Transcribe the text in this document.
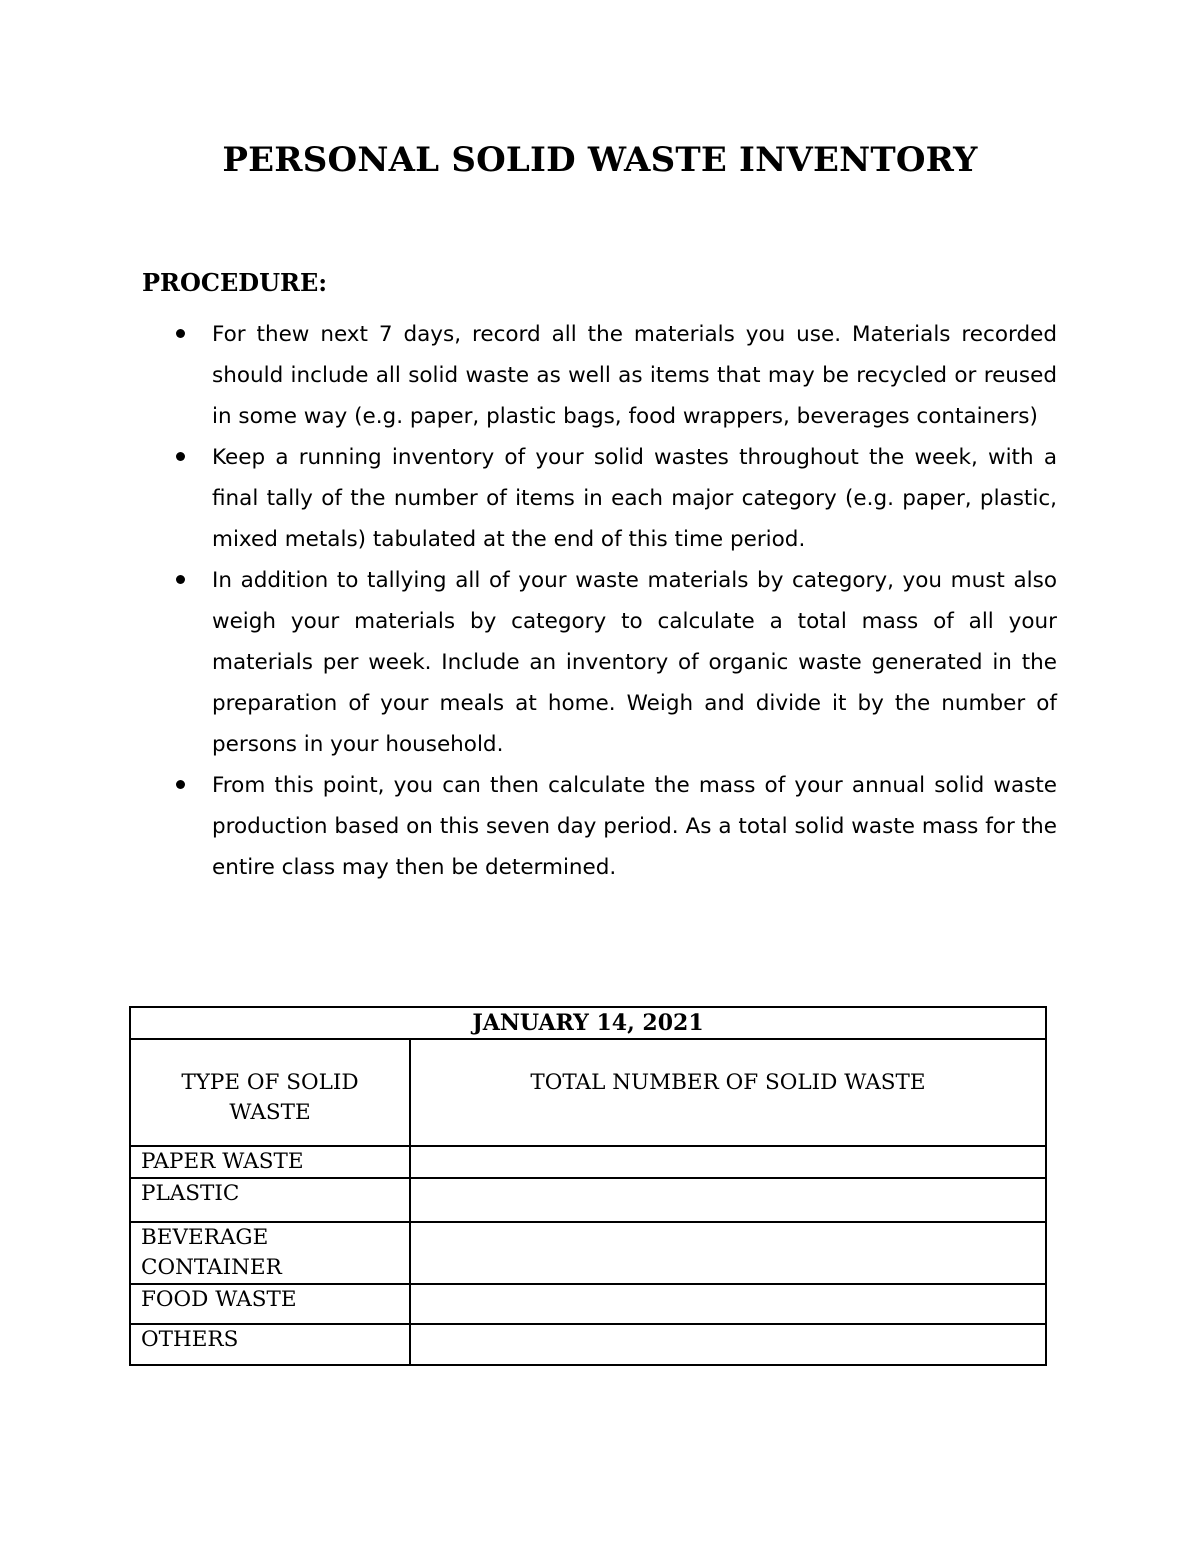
PERSONAL SOLID WASTE INVENTORY
PROCEDURE:
For thew next 7 days, record all the materials you use. Materials recorded should include all solid waste as well as items that may be recycled or reused in some way (e.g. paper, plastic bags, food wrappers, beverages containers)
Keep a running inventory of your solid wastes throughout the week, with a final tally of the number of items in each major category (e.g. paper, plastic, mixed metals) tabulated at the end of this time period.
In addition to tallying all of your waste materials by category, you must also weigh your materials by category to calculate a total mass of all your materials per week. Include an inventory of organic waste generated in the preparation of your meals at home. Weigh and divide it by the number of persons in your household.
From this point, you can then calculate the mass of your annual solid waste production based on this seven day period. As a total solid waste mass for the entire class may then be determined.
JANUARY 14, 2021	
TYPE OF SOLID WASTE	TOTAL NUMBER OF SOLID WASTE
PAPER WASTE	
PLASTIC	
BEVERAGE CONTAINER	
FOOD WASTE	
OTHERS	
